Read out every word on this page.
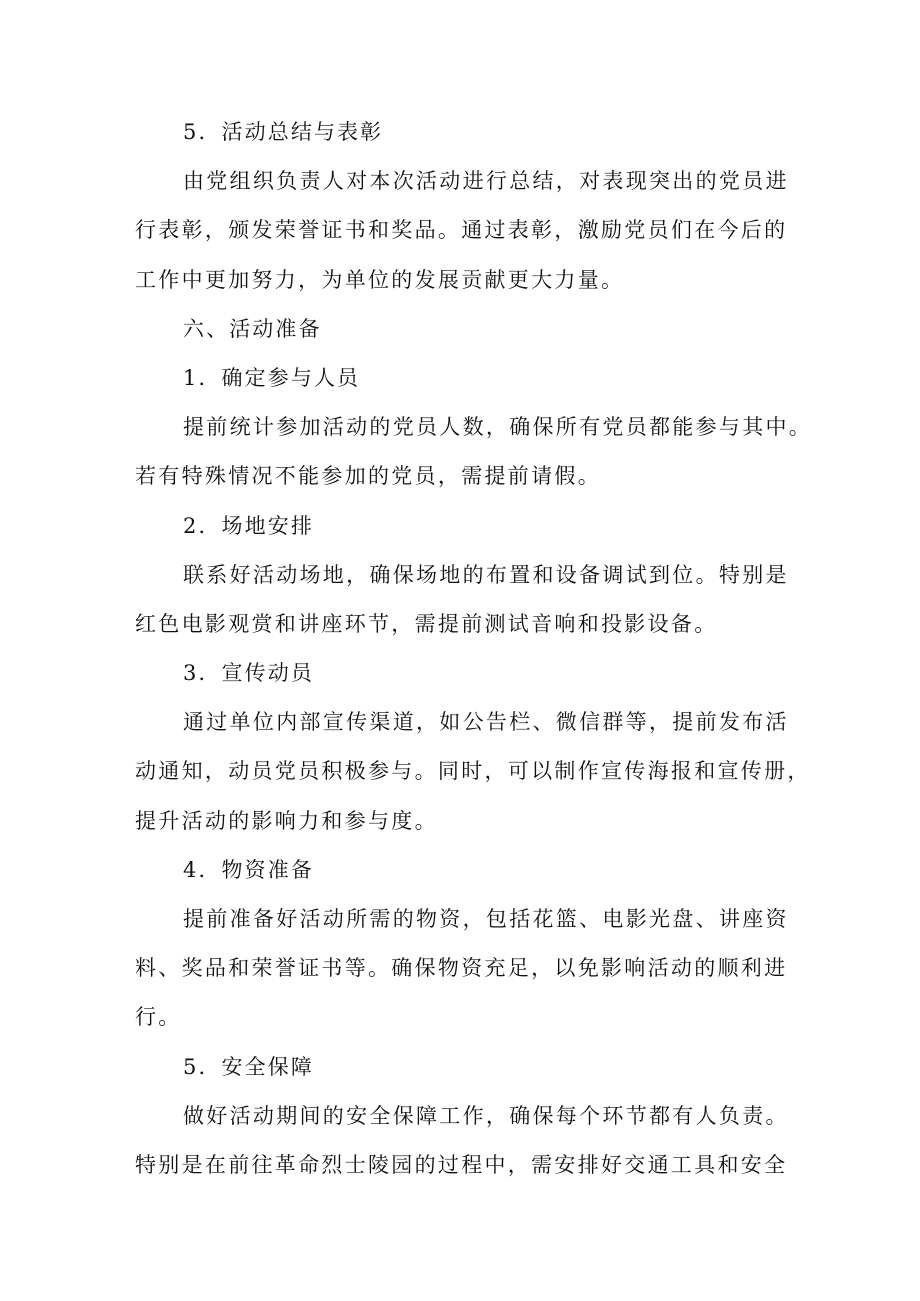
5．活动总结与表彰
由党组织负责人对本次活动进行总结，对表现突出的党员进
行表彰，颁发荣誉证书和奖品。通过表彰，激励党员们在今后的
工作中更加努力，为单位的发展贡献更大力量。
六、活动准备
1．确定参与人员
提前统计参加活动的党员人数，确保所有党员都能参与其中。
若有特殊情况不能参加的党员，需提前请假。
2．场地安排
联系好活动场地，确保场地的布置和设备调试到位。特别是
红色电影观赏和讲座环节，需提前测试音响和投影设备。
3．宣传动员
通过单位内部宣传渠道，如公告栏、微信群等，提前发布活
动通知，动员党员积极参与。同时，可以制作宣传海报和宣传册，
提升活动的影响力和参与度。
4．物资准备
提前准备好活动所需的物资，包括花篮、电影光盘、讲座资
料、奖品和荣誉证书等。确保物资充足，以免影响活动的顺利进
行。
5．安全保障
做好活动期间的安全保障工作，确保每个环节都有人负责。
特别是在前往革命烈士陵园的过程中，需安排好交通工具和安全
